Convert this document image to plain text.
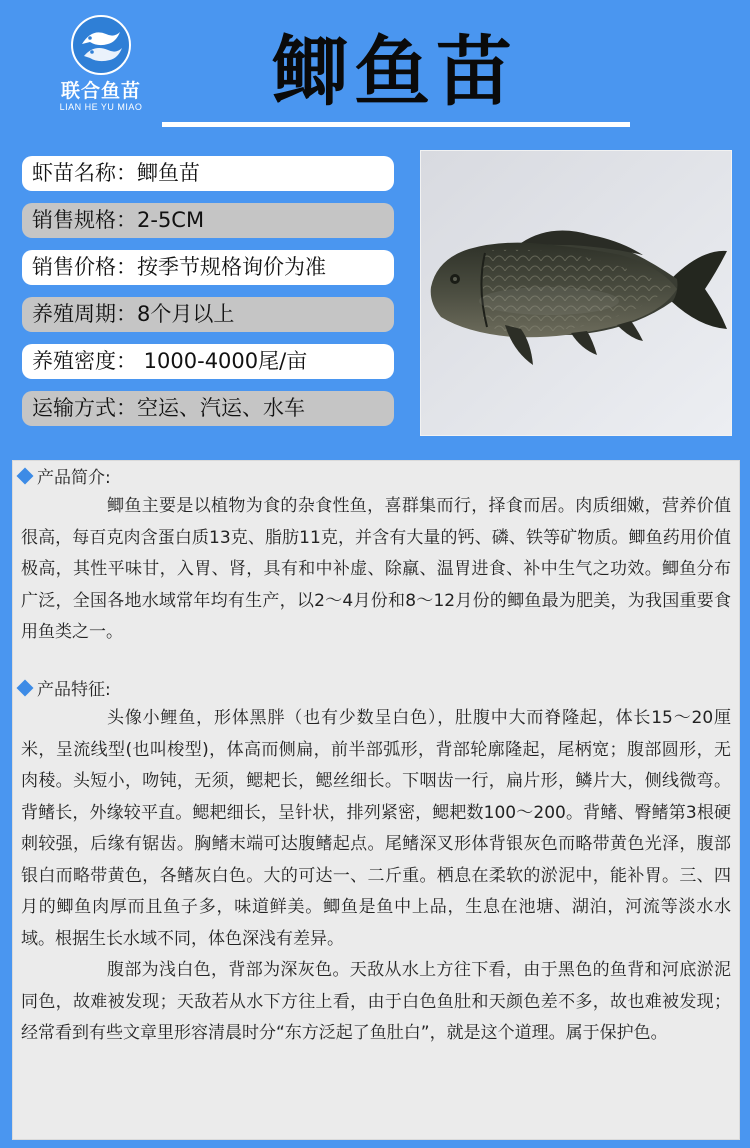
联合鱼苗
LIAN HE YU MIAO	鲫鱼苗
虾苗名称：鲫鱼苗
销售规格：2-5CM
销售价格：按季节规格询价为准
养殖周期：8个月以上
养殖密度： 1000-4000尾/亩
运输方式：空运、汽运、水车
产品简介:

鲫鱼主要是以植物为食的杂食性鱼，喜群集而行，择食而居。肉质细嫩，营养价值很高，每百克肉含蛋白质13克、脂肪11克，并含有大量的钙、磷、铁等矿物质。鲫鱼药用价值极高，其性平味甘，入胃、肾，具有和中补虚、除羸、温胃进食、补中生气之功效。鲫鱼分布广泛，全国各地水域常年均有生产，以2～4月份和8～12月份的鲫鱼最为肥美，为我国重要食用鱼类之一。

产品特征:

头像小鲤鱼，形体黑胖（也有少数呈白色），肚腹中大而脊隆起，体长15～20厘米，呈流线型(也叫梭型)，体高而侧扁，前半部弧形，背部轮廓隆起，尾柄宽；腹部圆形，无肉稜。头短小，吻钝，无须，鳃耙长，鳃丝细长。下咽齿一行，扁片形，鳞片大，侧线微弯。背鳍长，外缘较平直。鳃耙细长，呈针状，排列紧密，鳃耙数100～200。背鳍、臀鳍第3根硬刺较强，后缘有锯齿。胸鳍末端可达腹鳍起点。尾鳍深叉形体背银灰色而略带黄色光泽，腹部银白而略带黄色，各鳍灰白色。大的可达一、二斤重。栖息在柔软的淤泥中，能补胃。三、四月的鲫鱼肉厚而且鱼子多，味道鲜美。鲫鱼是鱼中上品，生息在池塘、湖泊，河流等淡水水域。根据生长水域不同，体色深浅有差异。

腹部为浅白色，背部为深灰色。天敌从水上方往下看，由于黑色的鱼背和河底淤泥同色，故难被发现；天敌若从水下方往上看，由于白色鱼肚和天颜色差不多，故也难被发现；经常看到有些文章里形容清晨时分“东方泛起了鱼肚白”，就是这个道理。属于保护色。
